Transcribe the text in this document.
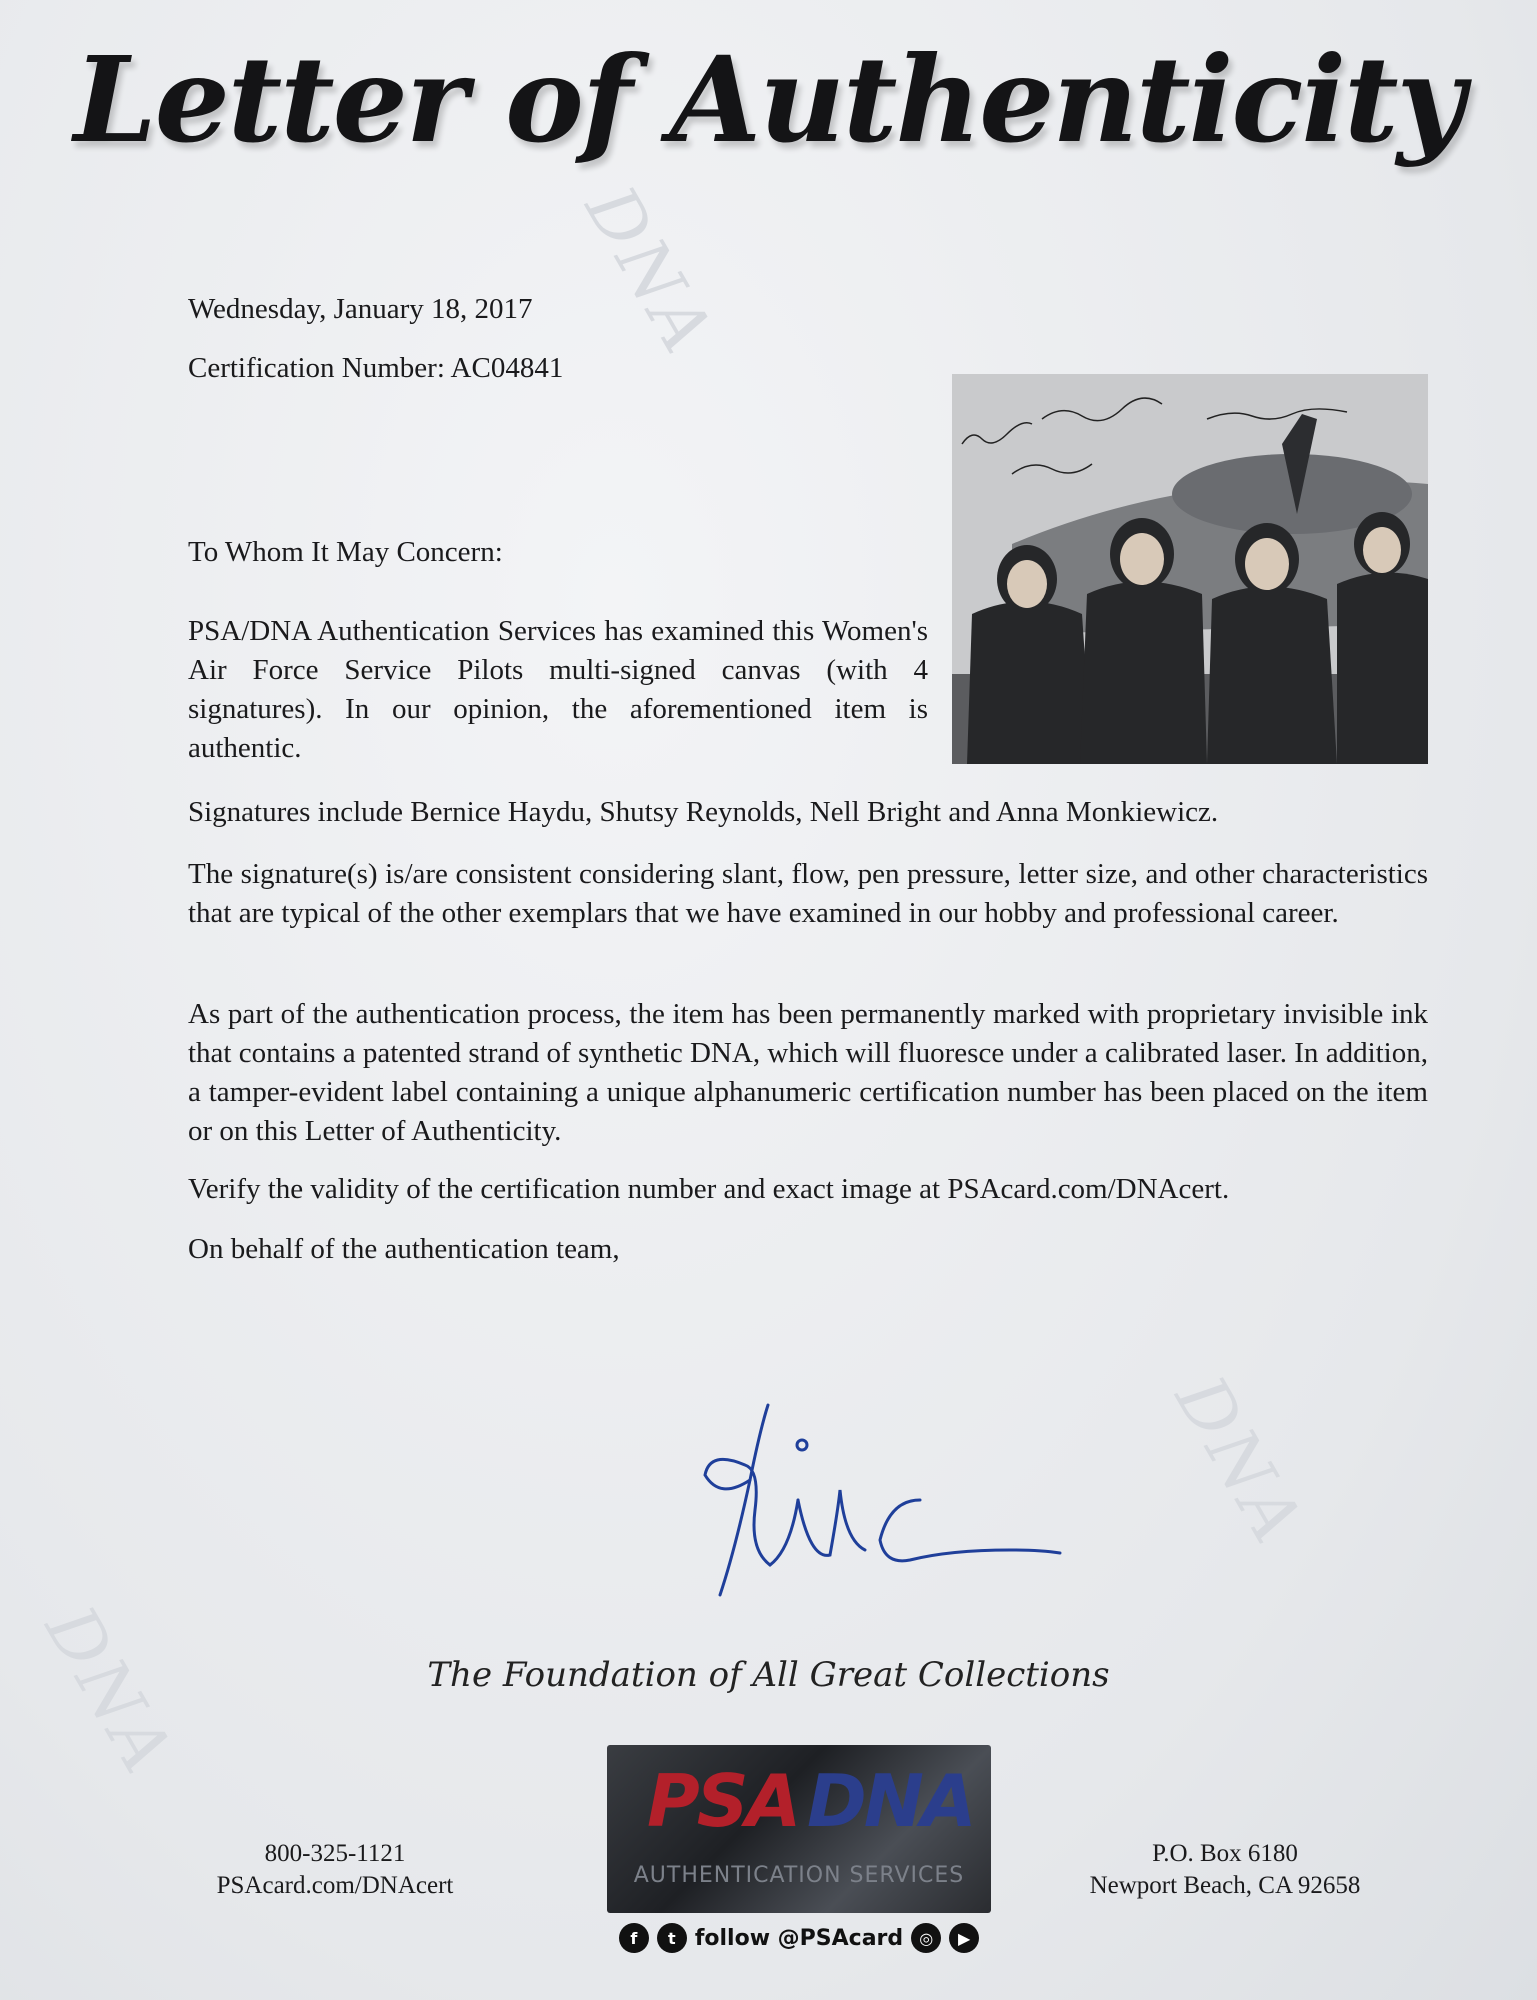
DNA
DNA
DNA
Letter of Authenticity
Wednesday, January 18, 2017
Certification Number: AC04841
To Whom It May Concern:
PSA/DNA Authentication Services has examined this Women's Air Force Service Pilots multi-signed canvas (with 4 signatures). In our opinion, the aforementioned item is authentic.
Signatures include Bernice Haydu, Shutsy Reynolds, Nell Bright and Anna Monkiewicz.
The signature(s) is/are consistent considering slant, flow, pen pressure, letter size, and other characteristics that are typical of the other exemplars that we have examined in our hobby and professional career.
As part of the authentication process, the item has been permanently marked with proprietary invisible ink that contains a patented strand of synthetic DNA, which will fluoresce under a calibrated laser. In addition, a tamper-evident label containing a unique alphanumeric certification number has been placed on the item or on this Letter of Authenticity.
Verify the validity of the certification number and exact image at PSAcard.com/DNAcert.
On behalf of the authentication team,
The Foundation of All Great Collections
800-325-1121
PSAcard.com/DNAcert
PSA DNA
AUTHENTICATION SERVICES
f	t follow @PSAcard	◎	▶
P.O. Box 6180
Newport Beach, CA 92658
